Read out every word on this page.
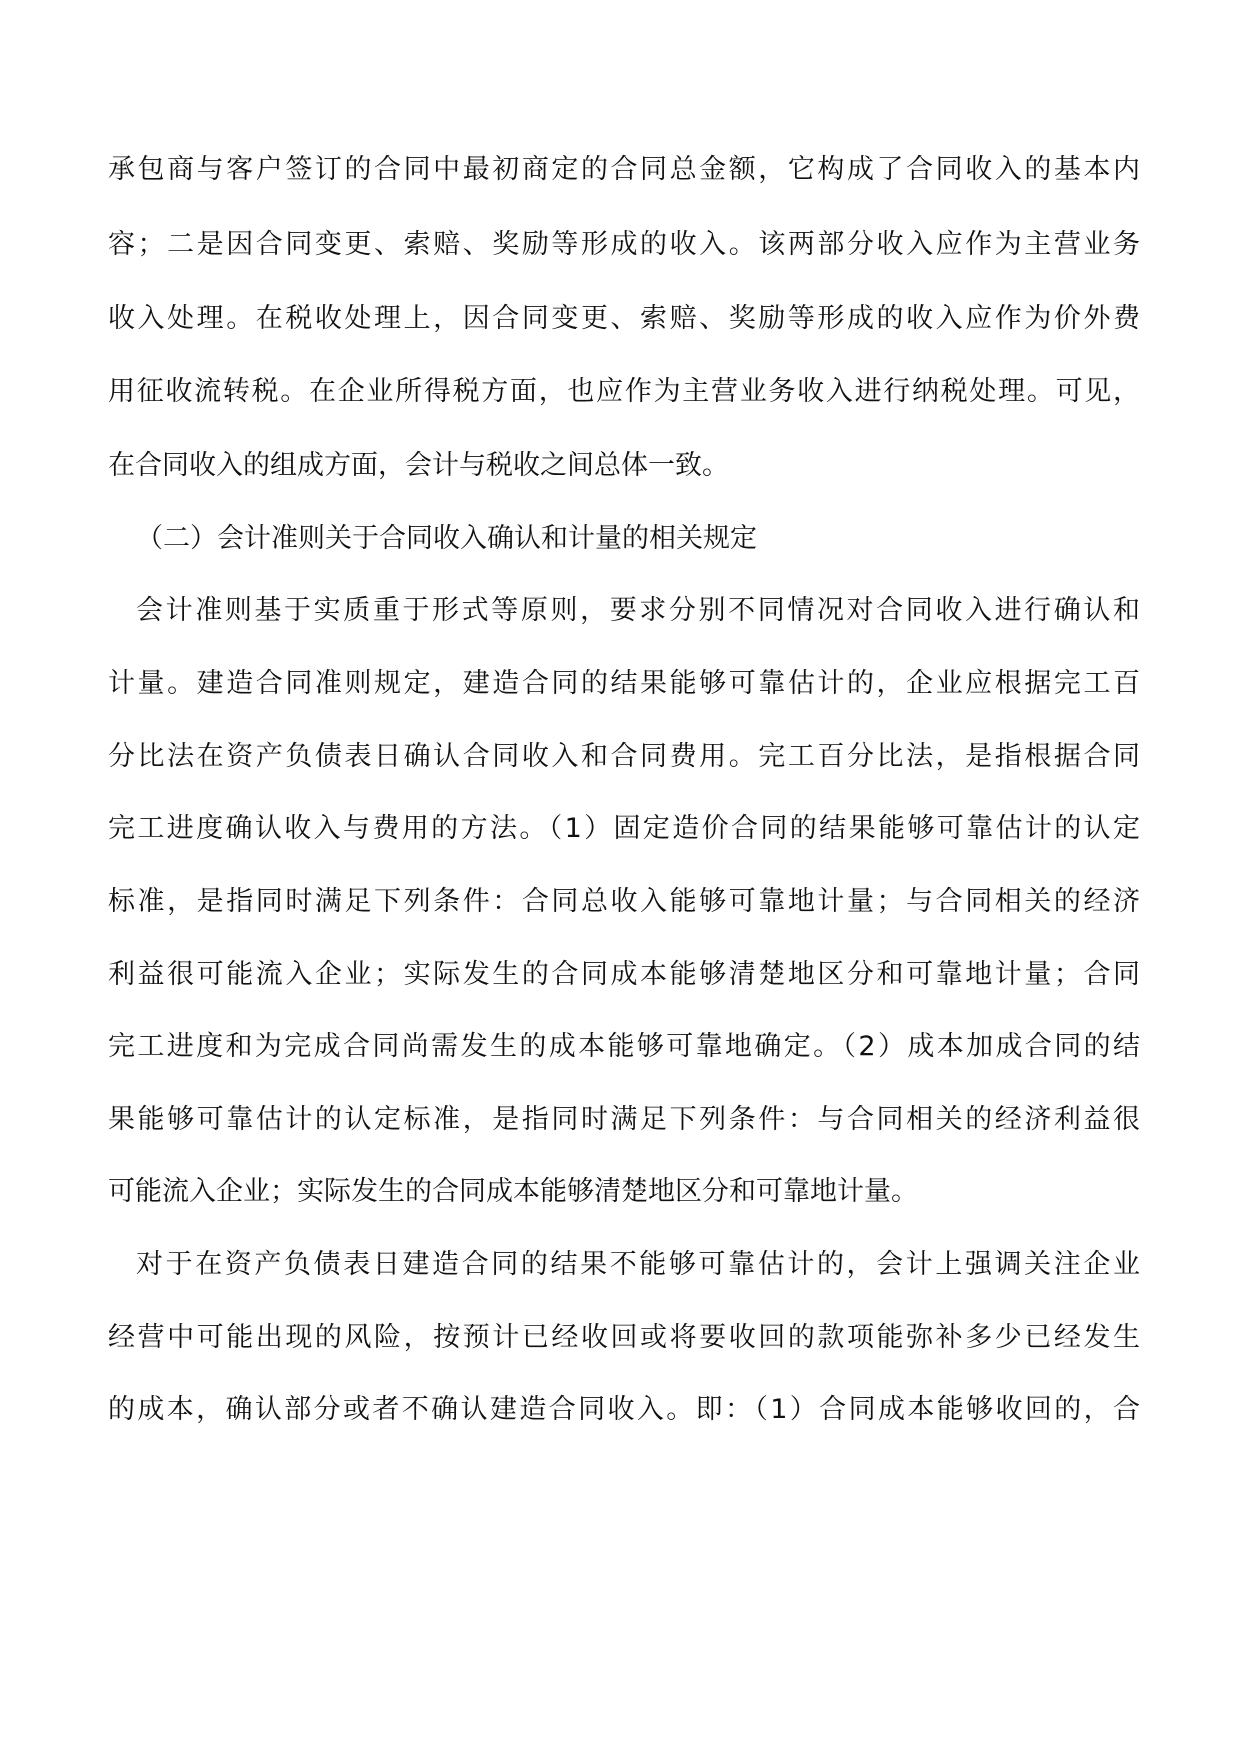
承包商与客户签订的合同中最初商定的合同总金额，它构成了合同收入的基本内

容；二是因合同变更、索赔、奖励等形成的收入。该两部分收入应作为主营业务

收入处理。在税收处理上，因合同变更、索赔、奖励等形成的收入应作为价外费

用征收流转税。在企业所得税方面，也应作为主营业务收入进行纳税处理。可见，

在合同收入的组成方面，会计与税收之间总体一致。

（二）会计准则关于合同收入确认和计量的相关规定

会计准则基于实质重于形式等原则，要求分别不同情况对合同收入进行确认和

计量。建造合同准则规定，建造合同的结果能够可靠估计的，企业应根据完工百

分比法在资产负债表日确认合同收入和合同费用。完工百分比法，是指根据合同

完工进度确认收入与费用的方法。（1）固定造价合同的结果能够可靠估计的认定

标准，是指同时满足下列条件：合同总收入能够可靠地计量；与合同相关的经济

利益很可能流入企业；实际发生的合同成本能够清楚地区分和可靠地计量；合同

完工进度和为完成合同尚需发生的成本能够可靠地确定。（2）成本加成合同的结

果能够可靠估计的认定标准，是指同时满足下列条件：与合同相关的经济利益很

可能流入企业；实际发生的合同成本能够清楚地区分和可靠地计量。

对于在资产负债表日建造合同的结果不能够可靠估计的，会计上强调关注企业

经营中可能出现的风险，按预计已经收回或将要收回的款项能弥补多少已经发生

的成本，确认部分或者不确认建造合同收入。即：（1）合同成本能够收回的，合
